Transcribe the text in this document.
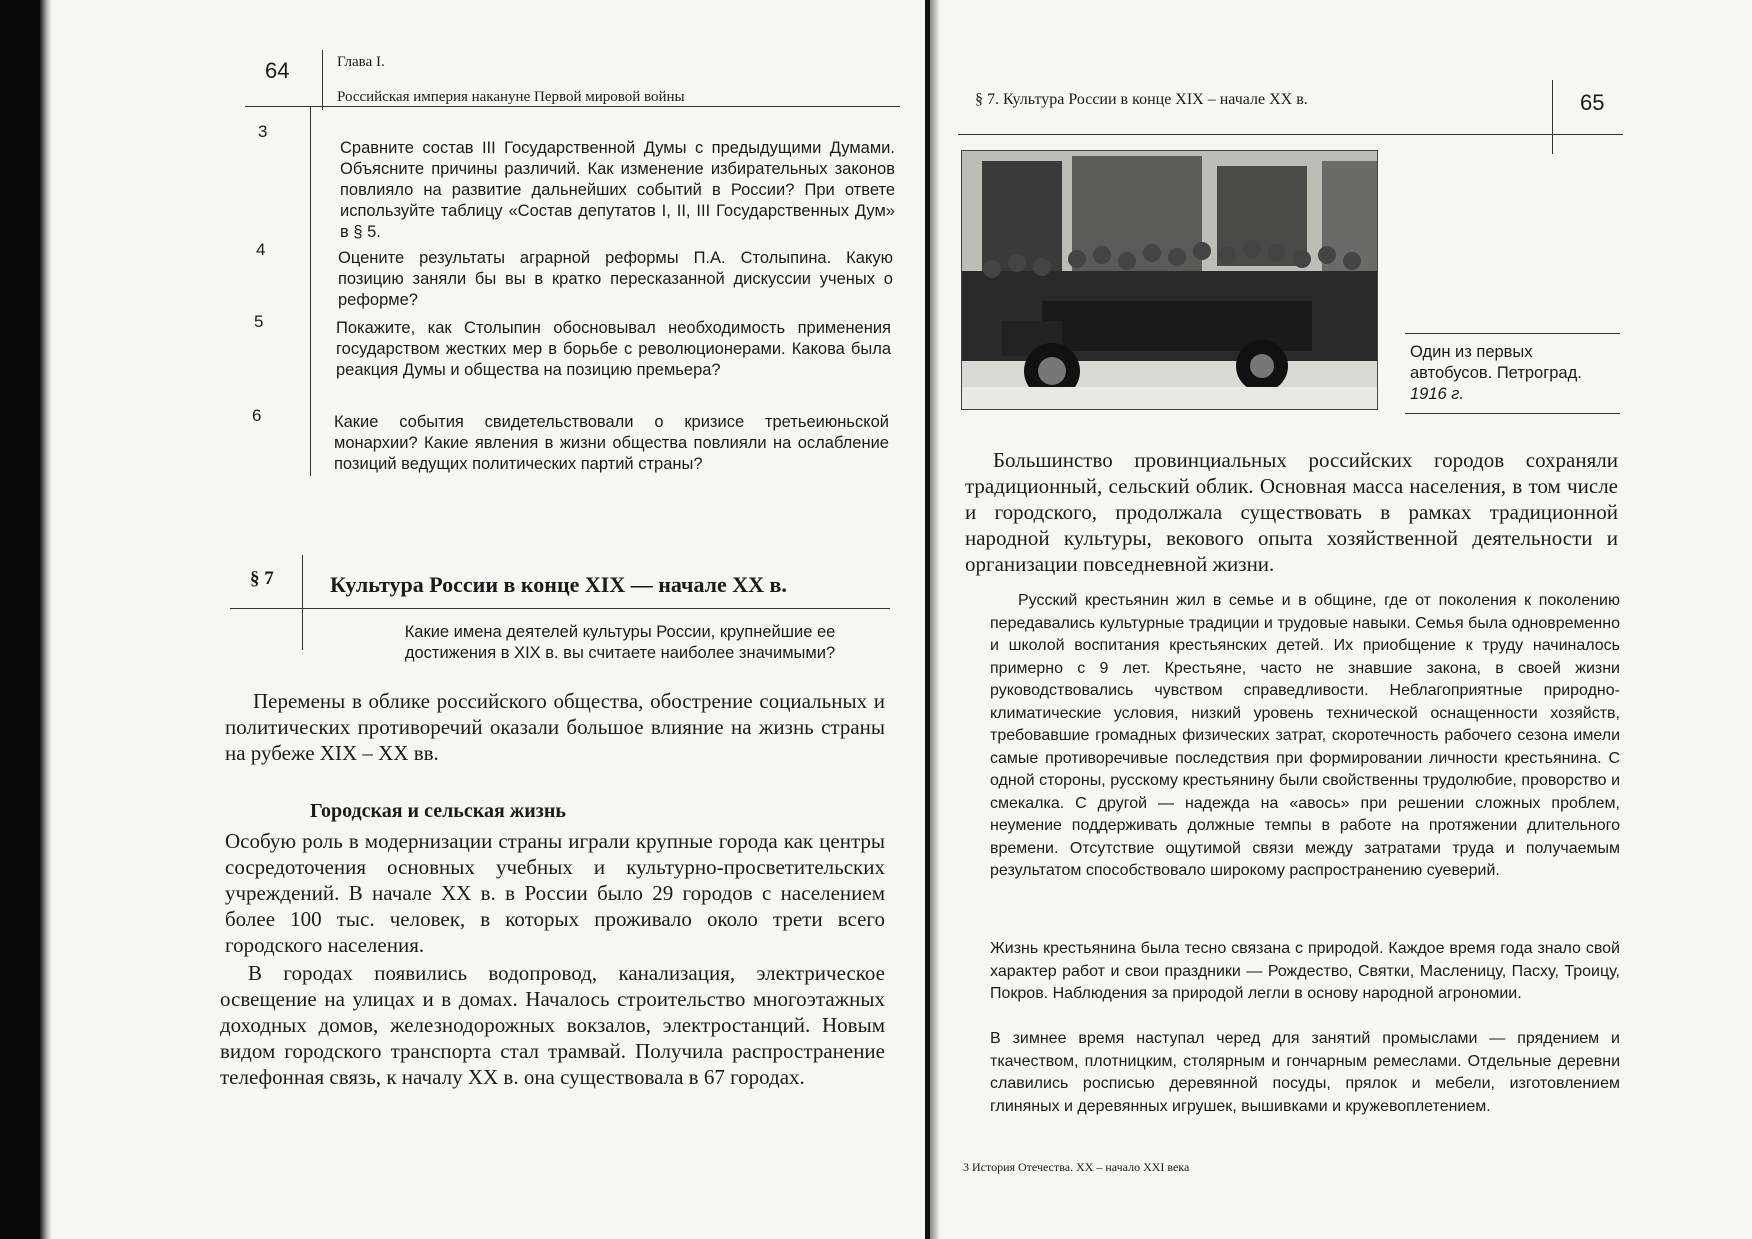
64	Глава I.
Российская империя накануне Первой мировой войны
3
Сравните состав III Государственной Думы с предыдущими Думами. Объясните причины различий. Как изменение избирательных законов повлияло на развитие дальнейших событий в России? При ответе используйте таблицу «Состав депутатов I, II, III Государственных Дум» в § 5.
4	Оцените результаты аграрной реформы П.А. Столыпина. Какую позицию заняли бы вы в кратко пересказанной дискуссии ученых о реформе?
5	Покажите, как Столыпин обосновывал необходимость применения государством жестких мер в борьбе с революционерами. Какова была реакция Думы и общества на позицию премьера?
6	Какие события свидетельствовали о кризисе третьеиюньской монархии? Какие явления в жизни общества повлияли на ослабление позиций ведущих политических партий страны?
§ 7	Культура России в конце XIX — начале XX в.
Какие имена деятелей культуры России, крупнейшие ее достижения в XIX в. вы считаете наиболее значимыми?
Перемены в облике российского общества, обострение социальных и политических противоречий оказали большое влияние на жизнь страны на рубеже XIX – XX вв.
Городская и сельская жизнь
Особую роль в модернизации страны играли крупные города как центры сосредоточения основных учебных и культурно-просветительских учреждений. В начале XX в. в России было 29 городов с населением более 100 тыс. человек, в которых проживало около трети всего городского населения.
В городах появились водопровод, канализация, электрическое освещение на улицах и в домах. Началось строительство многоэтажных доходных домов, железнодорожных вокзалов, электростанций. Новым видом городского транспорта стал трамвай. Получила распространение телефонная связь, к началу XX в. она существовала в 67 городах.
§ 7. Культура России в конце XIX – начале XX в.	65
Один из первых
автобусов. Петроград.
1916 г.
Большинство провинциальных российских городов сохраняли традиционный, сельский облик. Основная масса населения, в том числе и городского, продолжала существовать в рамках традиционной народной культуры, векового опыта хозяйственной деятельности и организации повседневной жизни.
Русский крестьянин жил в семье и в общине, где от поколения к поколению передавались культурные традиции и трудовые навыки. Семья была одновременно и школой воспитания крестьянских детей. Их приобщение к труду начиналось примерно с 9 лет. Крестьяне, часто не знавшие закона, в своей жизни руководствовались чувством справедливости. Неблагоприятные природно-климатические условия, низкий уровень технической оснащенности хозяйств, требовавшие громадных физических затрат, скоротечность рабочего сезона имели самые противоречивые последствия при формировании личности крестьянина. С одной стороны, русскому крестьянину были свойственны трудолюбие, проворство и смекалка. С другой — надежда на «авось» при решении сложных проблем, неумение поддерживать должные темпы в работе на протяжении длительного времени. Отсутствие ощутимой связи между затратами труда и получаемым результатом способствовало широкому распространению суеверий.
Жизнь крестьянина была тесно связана с природой. Каждое время года знало свой характер работ и свои праздники — Рождество, Святки, Масленицу, Пасху, Троицу, Покров. Наблюдения за природой легли в основу народной агрономии.
В зимнее время наступал черед для занятий промыслами — прядением и ткачеством, плотницким, столярным и гончарным ремеслами. Отдельные деревни славились росписью деревянной посуды, прялок и мебели, изготовлением глиняных и деревянных игрушек, вышивками и кружевоплетением.
3 История Отечества. XX – начало XXI века
